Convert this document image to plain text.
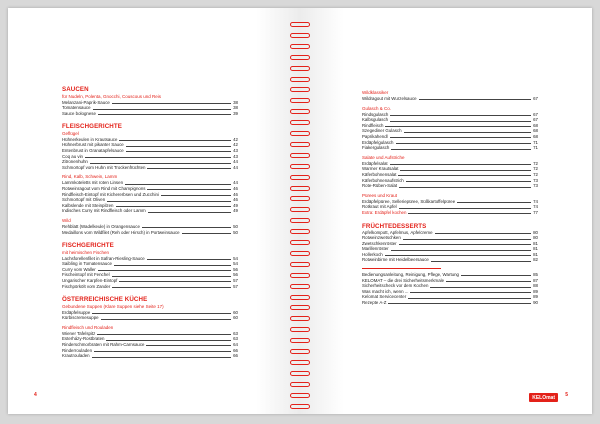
SAUCEN
für Nudeln, Polenta, Gnocchi, Couscous und Reis
Melanzani-Paprik-Sauce	38
Tomatensauce	38
Sauce bolognese	39
FLEISCHGERICHTE
Geflügel
Hühnerkeulen in Krautsauce	42
Hühnerbrust mit pikanter Sauce	42
Entenbrust in Granatapfelsauce	43
Coq au vin	43
Zitronenhuhn	44
Schmortopf vom Huhn mit Trockenfrüchten	44
Rind, Kalb, Schwein, Lamm
Lammkoteletts mit roten Linsen	44
Rotweinragout vom Rind mit Champignons	46
Rindfleisch-Eintopf mit Kichererbsen und Zucchini	46
Schmortopf mit Oliven	46
Kalbslende mit Steinpilzen	49
Indisches Curry mit Rindfleisch oder Lamm	49
Wild
Rehblatt (Wadelkeule) in Orangensauce	50
Medaillons vom Wildfilet (Reh oder Hirsch) in Portweinsauce	50
FISCHGERICHTE
mit heimischen Fischen
Lachsforellenfilet in Safran-Riesling-Sauce	54
Saibling in Tomatensauce	54
Curry vom Waller	56
Fischeintopf mit Fenchel	56
Ungarischer Karpfen-Eintopf	57
Fischpörkölt vom Zander	57
ÖSTERREICHISCHE KÜCHE
Gebundene Suppen (Klare Suppen siehe Seite 17)
Erdäpfelsuppe	60
Kürbiscremesuppe	60
Rindfleisch und Rouladen
Wiener Tafelspitz	63
Esterházy-Rostbraten	63
Rinderschmorbraten mit Rahm-Carnsauce	64
Rinderrouladen	66
Krautrouladen	66
4
Wildklassiker
Wildragout mit Wurzelsauce	67
Gulasch & Co.
Rindsgulasch	67
Kalbsgulasch	67
Rindfleisch	68
Szegediner Gulasch	68
Paprikahendl	68
Erdäpfelgulasch	71
Fiakergulasch	71
Salate und Aufstriche
Erdäpfelsalat	72
Warmer Krautsalat	72
Käferbohnensalat	72
Käferbohnenaufstrich	73
Rote-Rüben-Salat	73
Pürees und Kraut
Erdäpfelpüree, Selleriepüree, Süßkartoffelpüree	74
Rotkraut mit Apfel	74
Extra: Erdäpfel kochen	77
FRÜCHTEDESSERTS
Apfelkompott, Apfelmus, Apfelcreme	80
Rotweinzwetschken	80
Zwetschkenröster	81
Marillenröster	81
Hollerkoch	81
Rotweinbirne mit Heidelbeersauce	82
Bedienungsanleitung, Reinigung, Pflege, Wartung	85
KELOMAT – die drei Sicherheitsmerkmale	87
Sicherheitscheck vor dem Kochen	88
Was macht ich, wenn ...	89
Kelomat Servicecenter	89
Rezepte A-Z	90
KELOmat	5
